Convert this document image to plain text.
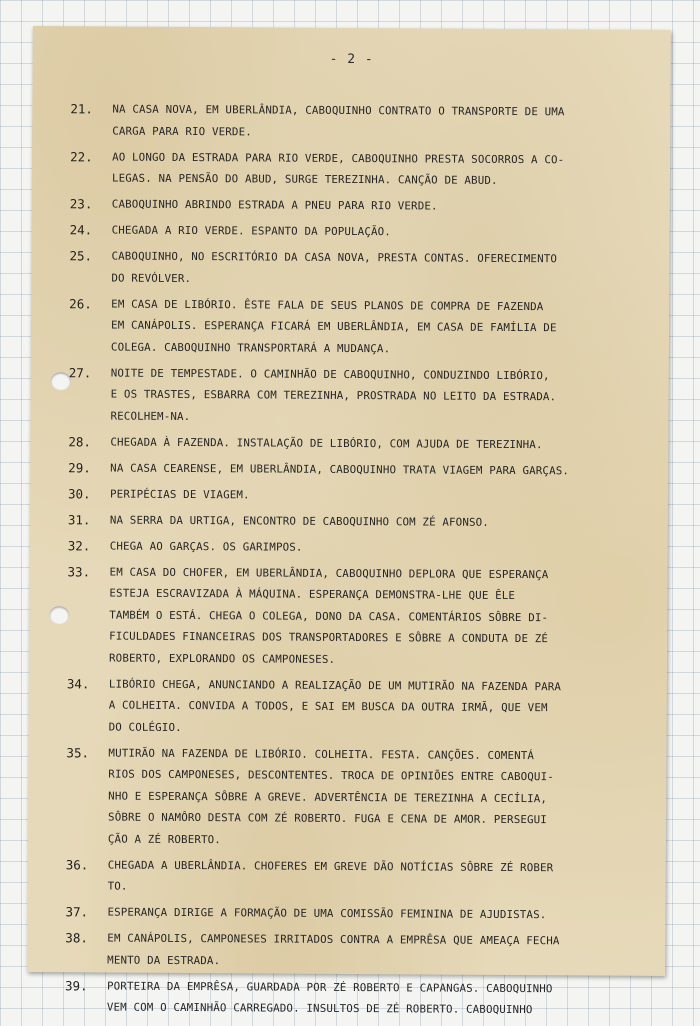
- 2 -
21.	NA CASA NOVA, EM UBERLÂNDIA, CABOQUINHO CONTRATO O TRANSPORTE DE UMA
CARGA PARA RIO VERDE.
22.	AO LONGO DA ESTRADA PARA RIO VERDE, CABOQUINHO PRESTA SOCORROS A CO-
LEGAS. NA PENSÃO DO ABUD, SURGE TEREZINHA. CANÇÃO DE ABUD.
23.	CABOQUINHO ABRINDO ESTRADA A PNEU PARA RIO VERDE.
24.	CHEGADA A RIO VERDE. ESPANTO DA POPULAÇÃO.
25.	CABOQUINHO, NO ESCRITÓRIO DA CASA NOVA, PRESTA CONTAS. OFERECIMENTO
DO REVÓLVER.
26.	EM CASA DE LIBÓRIO. ÊSTE FALA DE SEUS PLANOS DE COMPRA DE FAZENDA
EM CANÁPOLIS. ESPERANÇA FICARÁ EM UBERLÂNDIA, EM CASA DE FAMÍLIA DE
COLEGA. CABOQUINHO TRANSPORTARÁ A MUDANÇA.
27.	NOITE DE TEMPESTADE. O CAMINHÃO DE CABOQUINHO, CONDUZINDO LIBÓRIO,
E OS TRASTES, ESBARRA COM TEREZINHA, PROSTRADA NO LEITO DA ESTRADA.
RECOLHEM-NA.
28.	CHEGADA À FAZENDA. INSTALAÇÃO DE LIBÓRIO, COM AJUDA DE TEREZINHA.
29.	NA CASA CEARENSE, EM UBERLÂNDIA, CABOQUINHO TRATA VIAGEM PARA GARÇAS.
30.	PERIPÉCIAS DE VIAGEM.
31.	NA SERRA DA URTIGA, ENCONTRO DE CABOQUINHO COM ZÉ AFONSO.
32.	CHEGA AO GARÇAS. OS GARIMPOS.
33.	EM CASA DO CHOFER, EM UBERLÂNDIA, CABOQUINHO DEPLORA QUE ESPERANÇA
ESTEJA ESCRAVIZADA À MÁQUINA. ESPERANÇA DEMONSTRA-LHE QUE ÊLE
TAMBÉM O ESTÁ. CHEGA O COLEGA, DONO DA CASA. COMENTÁRIOS SÔBRE DI-
FICULDADES FINANCEIRAS DOS TRANSPORTADORES E SÔBRE A CONDUTA DE ZÉ
ROBERTO, EXPLORANDO OS CAMPONESES.
34.	LIBÓRIO CHEGA, ANUNCIANDO A REALIZAÇÃO DE UM MUTIRÃO NA FAZENDA PARA
A COLHEITA. CONVIDA A TODOS, E SAI EM BUSCA DA OUTRA IRMÃ, QUE VEM
DO COLÉGIO.
35.	MUTIRÃO NA FAZENDA DE LIBÓRIO. COLHEITA. FESTA. CANÇÕES. COMENTÁ
RIOS DOS CAMPONESES, DESCONTENTES. TROCA DE OPINIÕES ENTRE CABOQUI-
NHO E ESPERANÇA SÔBRE A GREVE. ADVERTÊNCIA DE TEREZINHA A CECÍLIA,
SÔBRE O NAMÔRO DESTA COM ZÉ ROBERTO. FUGA E CENA DE AMOR. PERSEGUI
ÇÃO A ZÉ ROBERTO.
36.	CHEGADA A UBERLÂNDIA. CHOFERES EM GREVE DÃO NOTÍCIAS SÔBRE ZÉ ROBER
TO.
37.	ESPERANÇA DIRIGE A FORMAÇÃO DE UMA COMISSÃO FEMININA DE AJUDISTAS.
38.	EM CANÁPOLIS, CAMPONESES IRRITADOS CONTRA A EMPRÊSA QUE AMEAÇA FECHA
MENTO DA ESTRADA.
39.	PORTEIRA DA EMPRÊSA, GUARDADA POR ZÉ ROBERTO E CAPANGAS. CABOQUINHO
VEM COM O CAMINHÃO CARREGADO. INSULTOS DE ZÉ ROBERTO. CABOQUINHO
